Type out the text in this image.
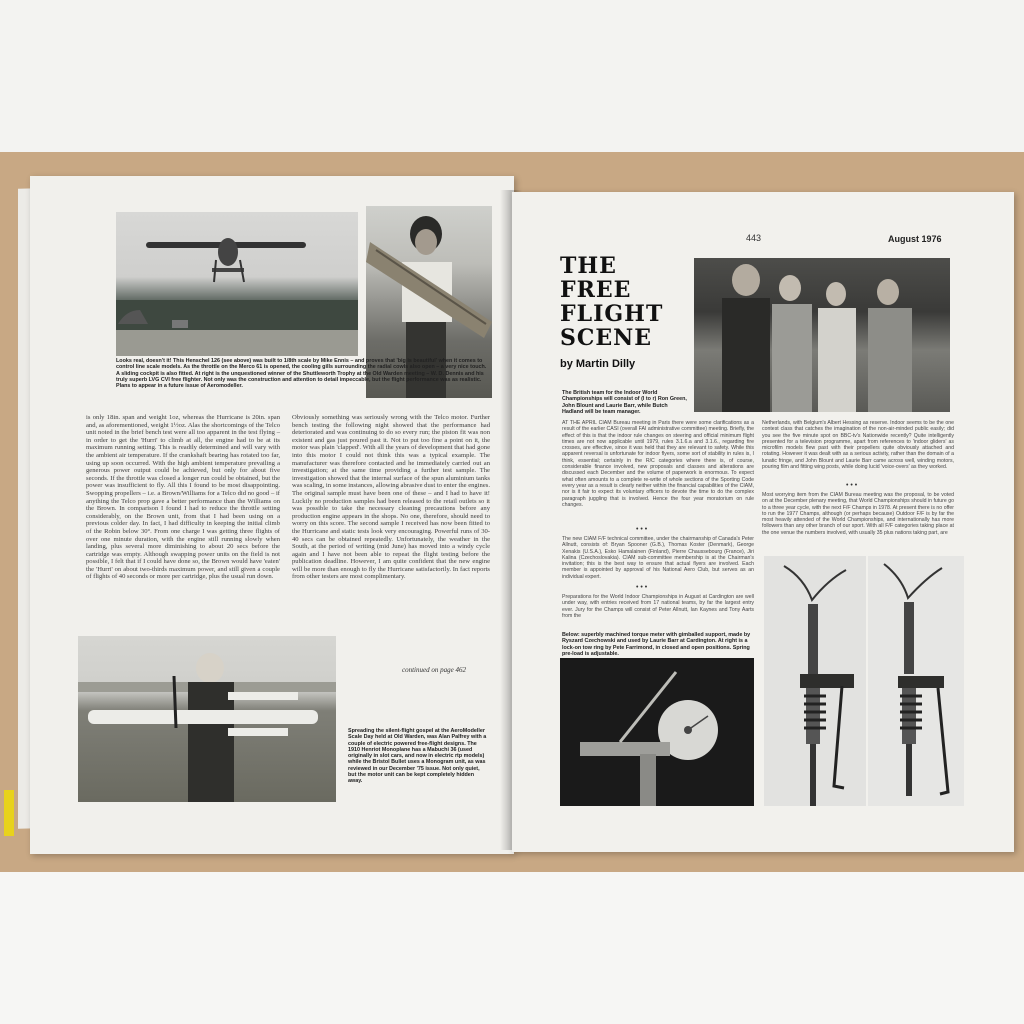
Looks real, doesn't it! This Henschel 126 (see above) was built to 1/8th scale by Mike Ennis – and proves that 'big is beautiful' when it comes to control line scale models. As the throttle on the Merco 61 is opened, the cooling gills surrounding the radial cowls also open – a very nice touch. A sliding cockpit is also fitted. At right is the unquestioned winner of the Shuttleworth Trophy at the Old Warden meeting – W. D. Dennis and his truly superb LVG CVI free flighter. Not only was the construction and attention to detail impeccable, but the flight performance was as realistic. Plans to appear in a future issue of Aeromodeller.
is only 18in. span and weight 1oz, whereas the Hurricane is 20in. span and, as aforementioned, weight 1½oz. Alas the shortcomings of the Telco unit noted in the brief bench test were all too apparent in the test flying – in order to get the 'Hurri' to climb at all, the engine had to be at its maximum running setting. This is readily determined and will vary with the ambient air temperature. If the crankshaft bearing has rotated too far, using up soon occurred. With the high ambient temperature prevailing a generous power output could be achieved, but only for about five seconds. If the throttle was closed a longer run could be obtained, but the power was insufficient to fly. All this I found to be most disappointing. Swopping propellers – i.e. a Brown/Williams for a Telco did no good – if anything the Telco prop gave a better performance than the Williams on the Brown. In comparison I found I had to reduce the throttle setting considerably, on the Brown unit, from that I had been using on a previous colder day. In fact, I had difficulty in keeping the initial climb of the Robin below 30°. From one charge I was getting three flights of over one minute duration, with the engine still running slowly when landing, plus several more diminishing to about 20 secs before the cartridge was empty. Although swapping power units on the field is not possible, I felt that if I could have done so, the Brown would have 'eaten' the 'Hurri' on about two-thirds maximum power, and still given a couple of flights of 40 seconds or more per cartridge, plus the usual run down.
Obviously something was seriously wrong with the Telco motor. Further bench testing the following night showed that the performance had deteriorated and was continuing to do so every run; the piston fit was non existent and gas just poured past it. Not to put too fine a point on it, the motor was plain 'clapped'. With all the years of development that had gone into this motor I could not think this was a typical example. The manufacturer was therefore contacted and he immediately carried out an investigation; at the same time providing a further test sample. The investigation showed that the internal surface of the spun aluminium tanks was scaling, in some instances, allowing abrasive dust to enter the engines. The original sample must have been one of these – and I had to have it! Luckily no production samples had been released to the retail outlets so it was possible to take the necessary cleaning precautions before any production engine appears in the shops. No one, therefore, should need to worry on this score. The second sample I received has now been fitted to the Hurricane and static tests look very encouraging. Powerful runs of 30-40 secs can be obtained repeatedly. Unfortunately, the weather in the South, at the period of writing (mid June) has moved into a windy cycle again and I have not been able to repeat the flight testing before the publication deadline. However, I am quite confident that the new engine will be more than enough to fly the Hurricane satisfactorily. In fact reports from other testers are most complimentary.
continued on page 462
Spreading the silent-flight gospel at the AeroModeller Scale Day held at Old Warden, was Alan Palfrey with a couple of electric powered free-flight designs. The 1910 Henriot Monoplane has a Mabuchi 36 (used originally in slot cars, and now in electric rtp models) while the Bristol Bullet uses a Monogram unit, as was reviewed in our December '75 issue. Not only quiet, but the motor unit can be kept completely hidden away.
443	August 1976
THE FREE FLIGHT SCENE
by Martin Dilly
The British team for the Indoor World Championships will consist of (l to r) Ron Green, John Blount and Laurie Barr, while Butch Hadland will be team manager.
AT THE APRIL CIAM Bureau meeting in Paris there were some clarifications as a result of the earlier CASI (overall FAI administrative committee) meeting. Briefly, the effect of this is that the indoor rule changes on steering and official minimum flight times are not now applicable until 1979, rules 3.1.6.a and 3.1.6., regarding fire crosses, are effective, since it was held that they are relevant to safety. While this apparent reversal is unfortunate for indoor flyers, some sort of stability in rules is, I think, essential; certainly in the R/C categories where there is, of course, considerable finance involved, new proposals and classes and alterations are discussed each December and the volume of paperwork is enormous. To expect what often amounts to a complete re-write of whole sections of the Sporting Code every year as a result is clearly neither within the financial capabilities of the CIAM, nor is it fair to expect its voluntary officers to devote the time to do the complex paragraph juggling that is involved. Hence the four year moratorium on rule changes.
• • •
The new CIAM F/F technical committee, under the chairmanship of Canada's Peter Allnutt, consists of: Bryan Spooner (G.B.), Thomas Koster (Denmark), George Xenakis (U.S.A.), Esko Hamalainen (Finland), Pierre Chaussebourg (France), Jiri Kalina (Czechoslovakia). CIAM sub-committee membership is at the Chairman's invitation; this is the best way to ensure that actual flyers are involved. Each member is appointed by approval of his National Aero Club, but serves as an individual expert.
• • •
Preparations for the World Indoor Championships in August at Cardington are well under way, with entries received from 17 national teams, by far the largest entry ever. Jury for the Champs will consist of Peter Allnutt, Ian Kaynes and Tony Aarts from the
Below: superbly machined torque meter with gimballed support, made by Ryszard Czechowski and used by Laurie Barr at Cardington. At right is a lock-on tow ring by Pete Farrimond, in closed and open positions. Spring pre-load is adjustable.
Netherlands, with Belgium's Albert Hessing as reserve. Indoor seems to be the one contest class that catches the imagination of the non-air-minded public easily; did you see the five minute spot on BBC-tv's Nationwide recently? Quite intelligently presented for a television programme, apart from references to 'indoor gliders' as microfilm models flew past with their propellers quite obviously attached and rotating. However it was dealt with as a serious activity, rather than the domain of a lunatic fringe, and John Blount and Laurie Barr came across well, winding motors, pouring film and fitting wing posts, while doing lucid 'voice-overs' as they worked.
• • •
Most worrying item from the CIAM Bureau meeting was the proposal, to be voted on at the December plenary meeting, that World Championships should in future go to a three year cycle, with the next F/F Champs in 1978. At present there is no offer to run the 1977 Champs, although (or perhaps because) Outdoor F/F is by far the most heavily attended of the World Championships, and internationally has more followers than any other branch of our sport. With all F/F categories taking place at the one venue the numbers involved, with usually 35 plus nations taking part, are
